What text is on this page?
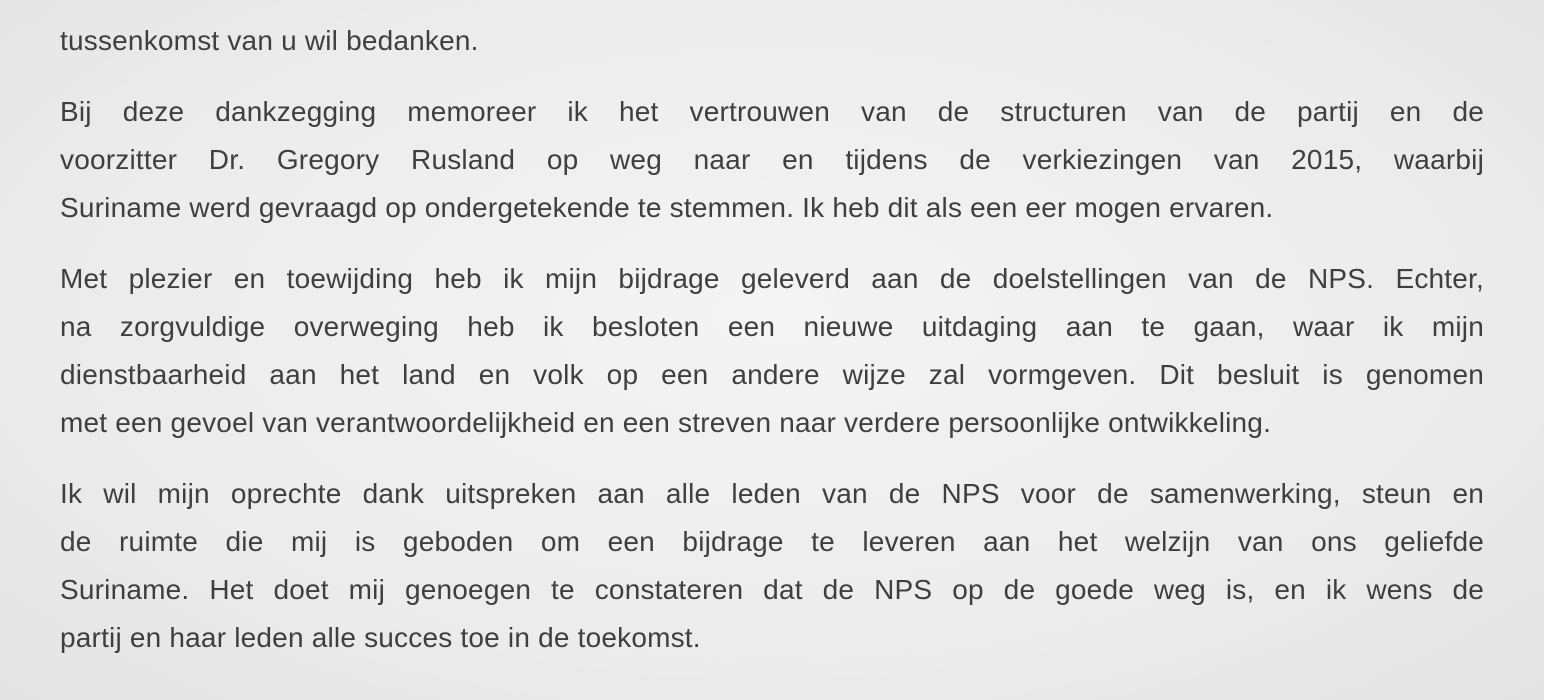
tussenkomst van u wil bedanken.

Bij deze dankzegging memoreer ik het vertrouwen van de structuren van de partij en de
voorzitter Dr. Gregory Rusland op weg naar en tijdens de verkiezingen van 2015, waarbij
Suriname werd gevraagd op ondergetekende te stemmen. Ik heb dit als een eer mogen ervaren.

Met plezier en toewijding heb ik mijn bijdrage geleverd aan de doelstellingen van de NPS. Echter,
na zorgvuldige overweging heb ik besloten een nieuwe uitdaging aan te gaan, waar ik mijn
dienstbaarheid aan het land en volk op een andere wijze zal vormgeven. Dit besluit is genomen
met een gevoel van verantwoordelijkheid en een streven naar verdere persoonlijke ontwikkeling.

Ik wil mijn oprechte dank uitspreken aan alle leden van de NPS voor de samenwerking, steun en
de ruimte die mij is geboden om een bijdrage te leveren aan het welzijn van ons geliefde
Suriname. Het doet mij genoegen te constateren dat de NPS op de goede weg is, en ik wens de
partij en haar leden alle succes toe in de toekomst.
